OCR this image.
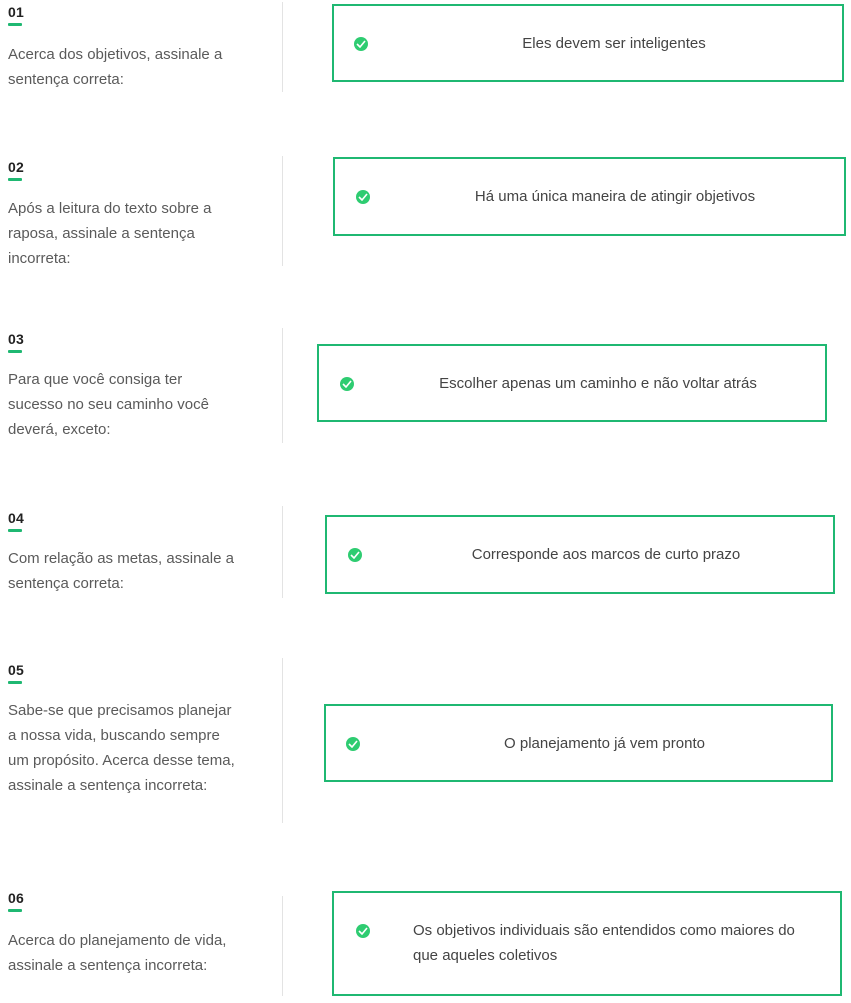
01
Acerca dos objetivos, assinale a sentença correta:
Eles devem ser inteligentes
02
Após a leitura do texto sobre a raposa, assinale a sentença incorreta:
Há uma única maneira de atingir objetivos
03
Para que você consiga ter sucesso no seu caminho você deverá, exceto:
Escolher apenas um caminho e não voltar atrás
04
Com relação as metas, assinale a sentença correta:
Corresponde aos marcos de curto prazo
05
Sabe-se que precisamos planejar a nossa vida, buscando sempre um propósito. Acerca desse tema, assinale a sentença incorreta:
O planejamento já vem pronto
06
Acerca do planejamento de vida, assinale a sentença incorreta:
Os objetivos individuais são entendidos como maiores do que aqueles coletivos
